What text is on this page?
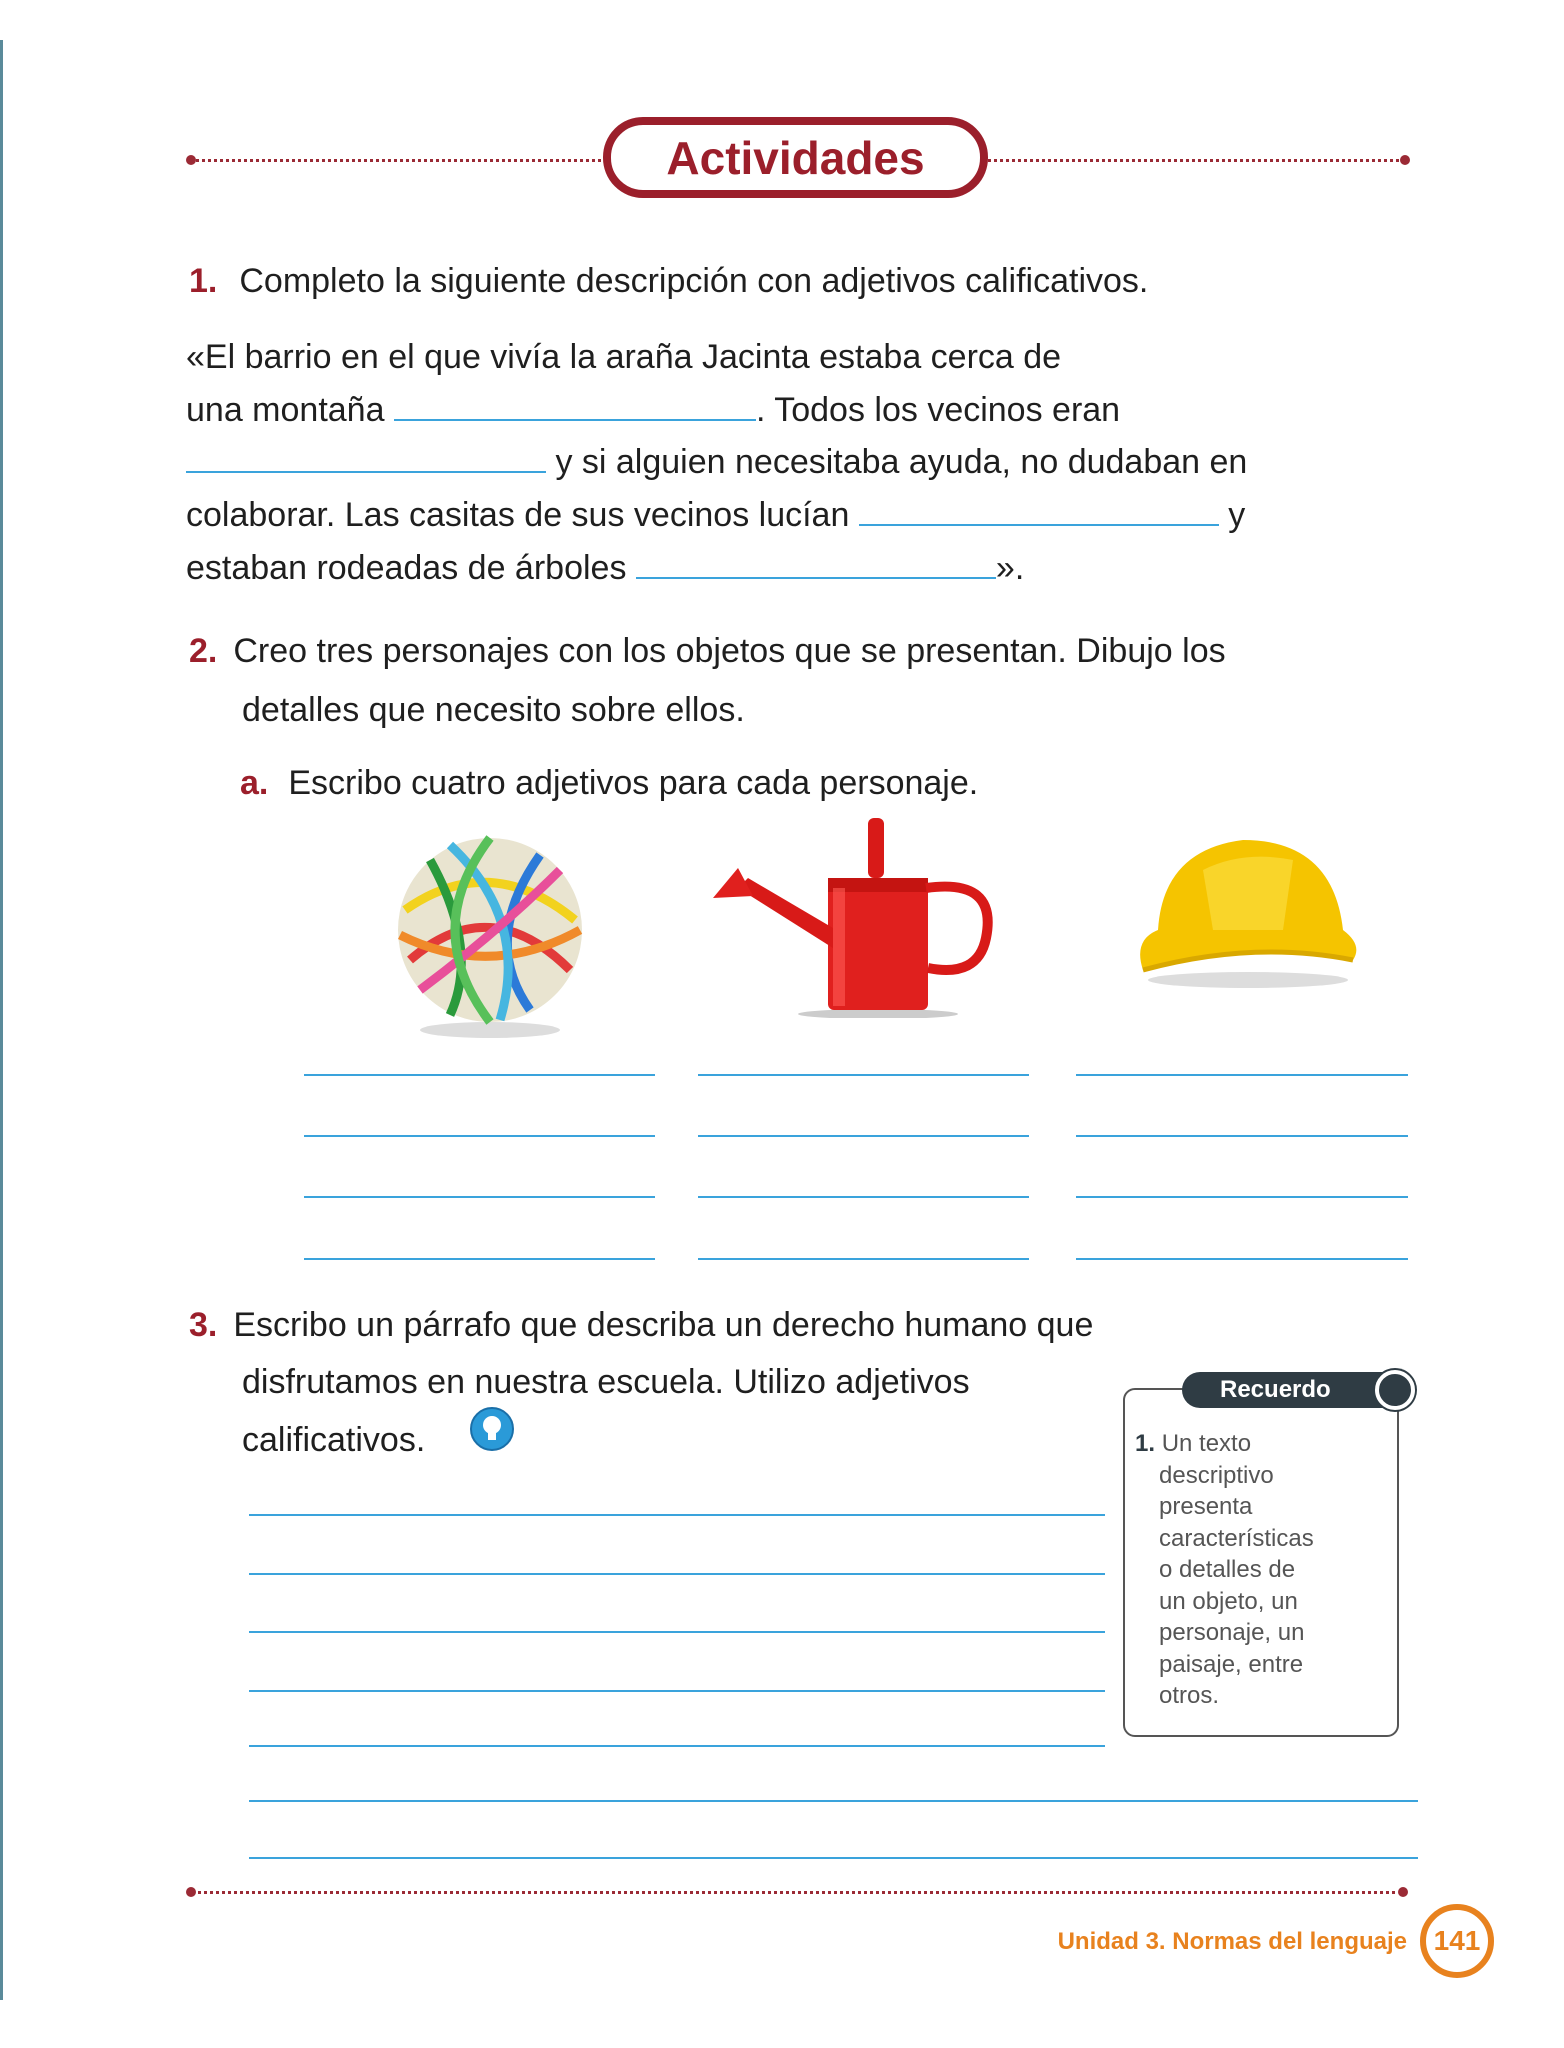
Actividades
1. Completo la siguiente descripción con adjetivos calificativos.
«El barrio en el que vivía la araña Jacinta estaba cerca de
una montaña	. Todos los vecinos eran
y si alguien necesitaba ayuda, no dudaban en
colaborar. Las casitas de sus vecinos lucían	y
estaban rodeadas de árboles	».
2. Creo tres personajes con los objetos que se presentan. Dibujo los
detalles que necesito sobre ellos.
a. Escribo cuatro adjetivos para cada personaje.
3. Escribo un párrafo que describa un derecho humano que
disfrutamos en nuestra escuela. Utilizo adjetivos
calificativos.
Recuerdo
1. Un texto
descriptivo
presenta
características
o detalles de
un objeto, un
personaje, un
paisaje, entre
otros.
Unidad 3. Normas del lenguaje 141
